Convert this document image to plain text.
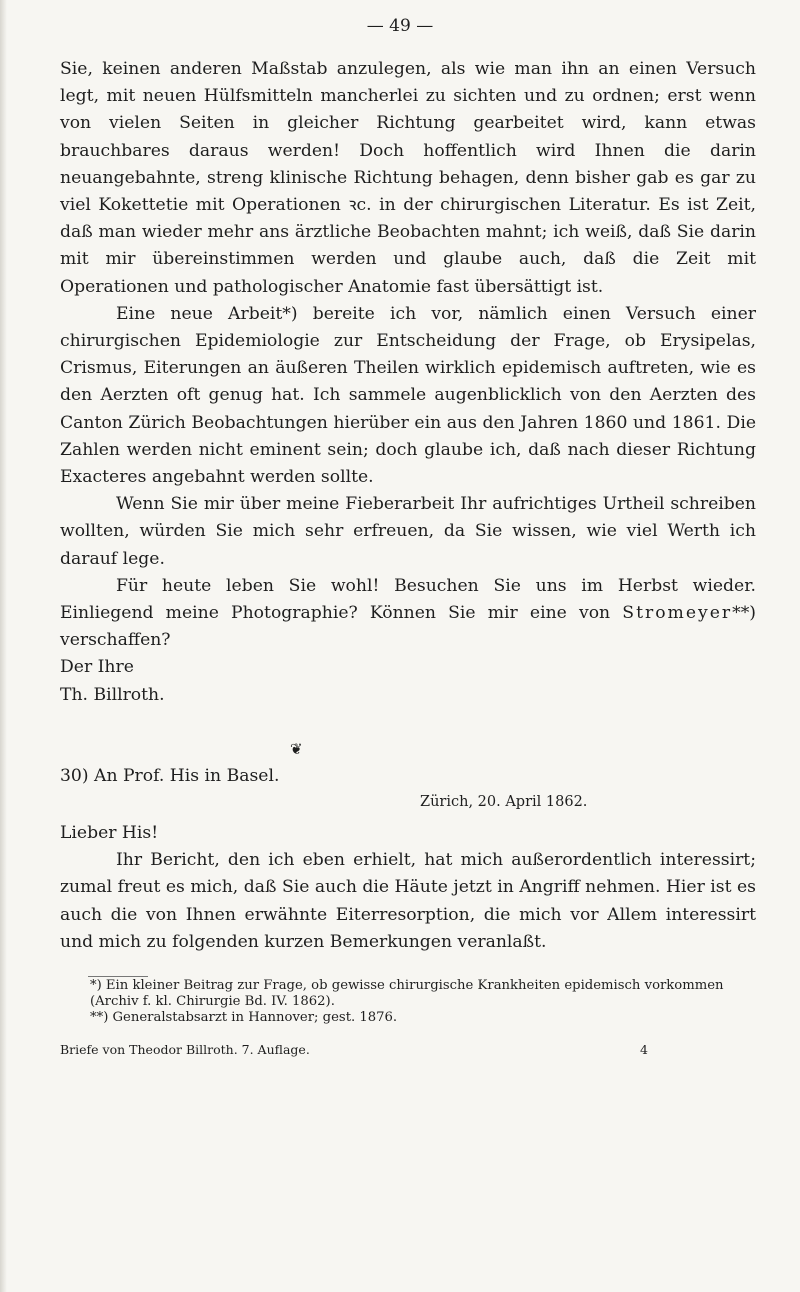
— 49 —

Sie, keinen anderen Maßstab anzulegen, als wie man ihn an einen Versuch legt, mit neuen Hülfsmitteln mancherlei zu sichten und zu ordnen; erst wenn von vielen Seiten in gleicher Richtung gearbeitet wird, kann etwas brauchbares daraus werden! Doch hoffentlich wird Ihnen die darin neuangebahnte, streng klinische Richtung behagen, denn bisher gab es gar zu viel Kokettetie mit Operationen ꝛc. in der chirurgischen Literatur. Es ist Zeit, daß man wieder mehr ans ärztliche Beobachten mahnt; ich weiß, daß Sie darin mit mir übereinstimmen werden und glaube auch, daß die Zeit mit Operationen und pathologischer Anatomie fast übersättigt ist.

Eine neue Arbeit*) bereite ich vor, nämlich einen Versuch einer chirurgischen Epidemiologie zur Entscheidung der Frage, ob Erysipelas, Crismus, Eiterungen an äußeren Theilen wirklich epidemisch auftreten, wie es den Aerzten oft genug hat. Ich sammele augenblicklich von den Aerzten des Canton Zürich Beobachtungen hierüber ein aus den Jahren 1860 und 1861. Die Zahlen werden nicht eminent sein; doch glaube ich, daß nach dieser Richtung Exacteres angebahnt werden sollte.

Wenn Sie mir über meine Fieberarbeit Ihr aufrichtiges Urtheil schreiben wollten, würden Sie mich sehr erfreuen, da Sie wissen, wie viel Werth ich darauf lege.

Für heute leben Sie wohl! Besuchen Sie uns im Herbst wieder. Einliegend meine Photographie? Können Sie mir eine von Stromeyer**) verschaffen?

Der Ihre

Th. Billroth.

❦
30) An Prof. His in Basel.
Zürich, 20. April 1862.

Lieber His!

Ihr Bericht, den ich eben erhielt, hat mich außerordentlich interessirt; zumal freut es mich, daß Sie auch die Häute jetzt in Angriff nehmen. Hier ist es auch die von Ihnen erwähnte Eiterresorption, die mich vor Allem interessirt und mich zu folgenden kurzen Bemerkungen veranlaßt.

*) Ein kleiner Beitrag zur Frage, ob gewisse chirurgische Krankheiten epidemisch vorkommen (Archiv f. kl. Chirurgie Bd. IV. 1862).

**) Generalstabsarzt in Hannover; gest. 1876.

Briefe von Theodor Billroth. 7. Auflage.	4
